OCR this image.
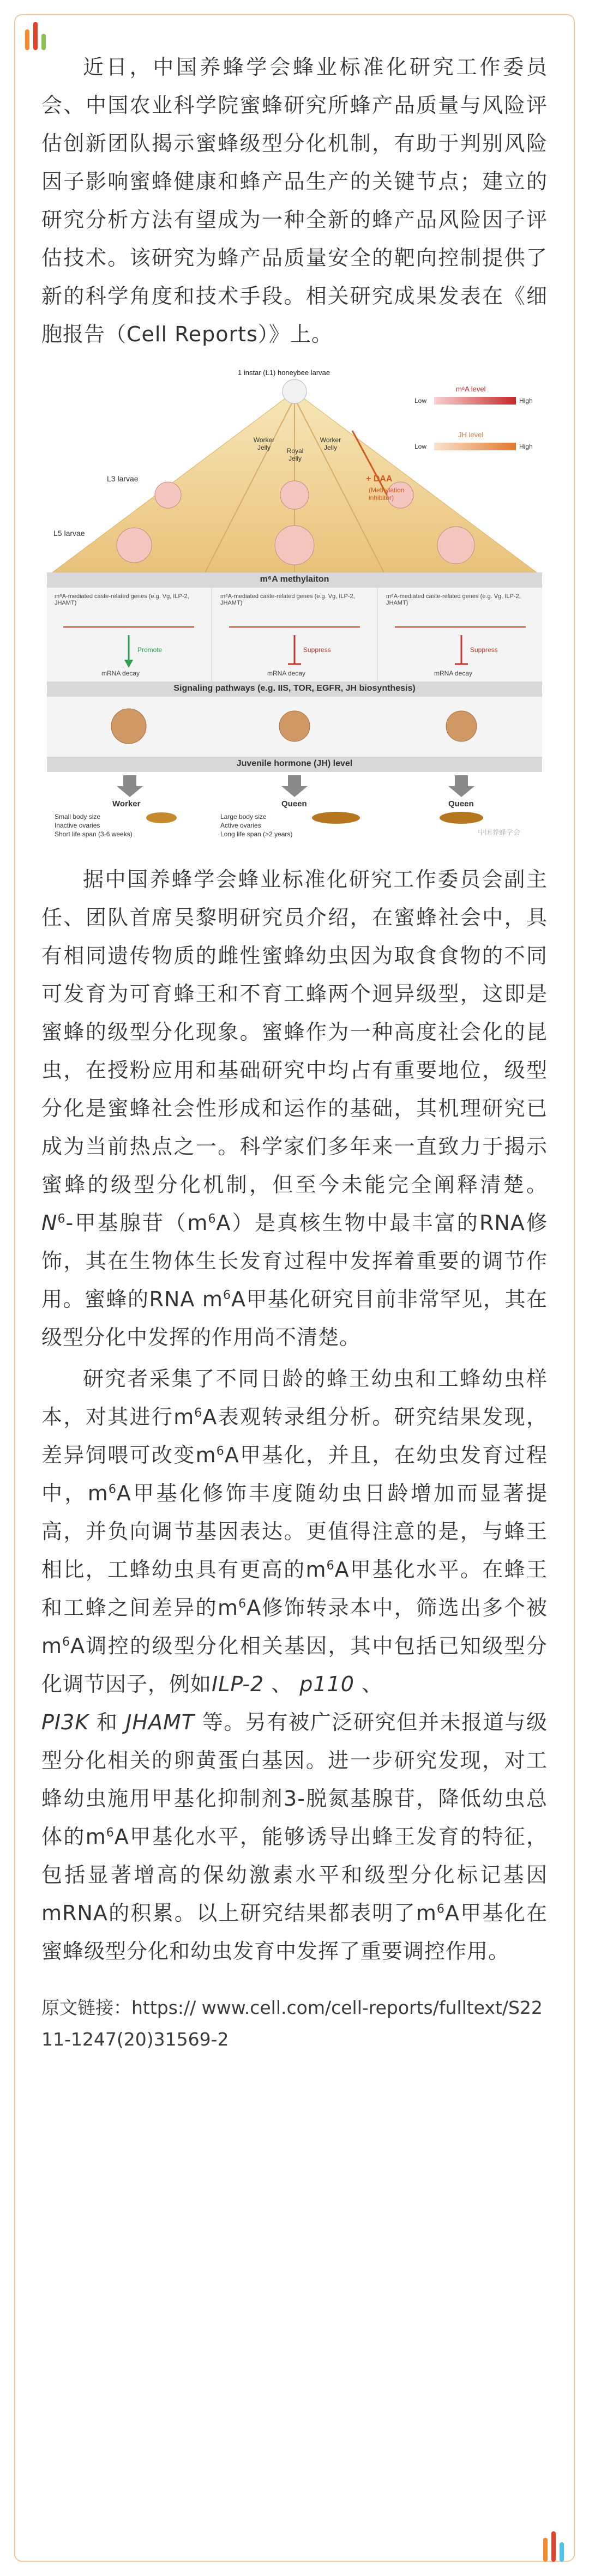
近日，中国养蜂学会蜂业标准化研究工作委员会、中国农业科学院蜜蜂研究所蜂产品质量与风险评估创新团队揭示蜜蜂级型分化机制，有助于判别风险因子影响蜜蜂健康和蜂产品生产的关键节点；建立的研究分析方法有望成为一种全新的蜂产品风险因子评估技术。该研究为蜂产品质量安全的靶向控制提供了新的科学角度和技术手段。相关研究成果发表在《细胞报告（Cell Reports）》上。

1 instar (L1) honeybee larvae
L3 larvae
L5 larvae
Worker Jelly	Royal Jelly
Worker Jelly
+ DAA
(Methylation inhibitor)
m⁶A level
Low	High
JH level
Low	High
m⁶A methylaiton
m⁶A-mediated caste-related genes (e.g. Vg, ILP-2, JHAMT)
m⁶A-mediated caste-related genes (e.g. Vg, ILP-2, JHAMT)
m⁶A-mediated caste-related genes (e.g. Vg, ILP-2, JHAMT)
Promote	Suppress	Suppress
mRNA decay	mRNA decay	mRNA decay
Signaling pathways (e.g. IIS, TOR, EGFR, JH biosynthesis)
Juvenile hormone (JH) level
Worker	Queen	Queen
Small body size
Inactive ovaries
Short life span (3-6 weeks)
Large body size
Active ovaries
Long life span (>2 years)	中国养蜂学会

据中国养蜂学会蜂业标准化研究工作委员会副主任、团队首席吴黎明研究员介绍，在蜜蜂社会中，具有相同遗传物质的雌性蜜蜂幼虫因为取食食物的不同可发育为可育蜂王和不育工蜂两个迥异级型，这即是蜜蜂的级型分化现象。蜜蜂作为一种高度社会化的昆虫，在授粉应用和基础研究中均占有重要地位，级型分化是蜜蜂社会性形成和运作的基础，其机理研究已成为当前热点之一。科学家们多年来一直致力于揭示蜜蜂的级型分化机制，但至今未能完全阐释清楚。 $N^6-$甲基腺苷$(m^6A)$是真核生物中最丰富的RNA修饰，其在生物体生长发育过程中发挥着重要的调节作用。蜜蜂的RNA $m^6A$甲基化研究目前非常罕见，其在级型分化中发挥的作用尚不清楚。

研究者采集了不同日龄的蜂王幼虫和工蜂幼虫样本，对其进行$m^6A$表观转录组分析。研究结果发现，差异饲喂可改变$m^6A$甲基化，并且，在幼虫发育过程中，$m^6A$甲基化修饰丰度随幼虫日龄增加而显著提高，并负向调节基因表达。更值得注意的是，与蜂王相比，工蜂幼虫具有更高的$m^6A$甲基化水平。在蜂王和工蜂之间差异的$m^6A$修饰转录本中，筛选出多个被$m^6A$调控的级型分化相关基因，其中包括已知级型分化调节因子，例如ILP-2 、 p110 、
PI3K 和 JHAMT 等。另有被广泛研究但并未报道与级型分化相关的卵黄蛋白基因。进一步研究发现，对工蜂幼虫施用甲基化抑制剂3-脱氮基腺苷，降低幼虫总体的$m^6A$甲基化水平，能够诱导出蜂王发育的特征，包括显著增高的保幼激素水平和级型分化标记基因mRNA的积累。以上研究结果都表明了$m^6A$甲基化在蜜蜂级型分化和幼虫发育中发挥了重要调控作用。

原文链接：https:// www.cell.com/cell-reports/fulltext/S2211-1247(20)31569-2
